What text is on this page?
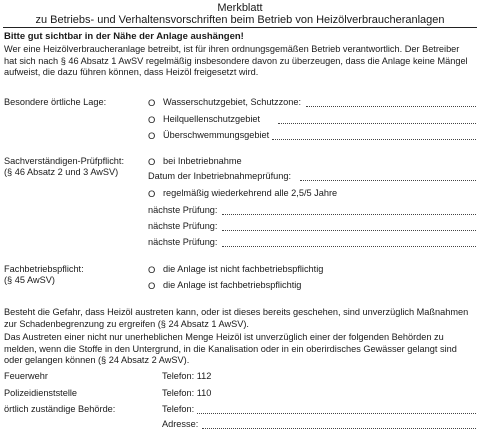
Merkblatt
zu Betriebs- und Verhaltensvorschriften beim Betrieb von Heizölverbraucheranlagen
Bitte gut sichtbar in der Nähe der Anlage aushängen!
Wer eine Heizölverbraucheranlage betreibt, ist für ihren ordnungsgemäßen Betrieb verantwortlich. Der Betreiber hat sich nach § 46 Absatz 1 AwSV regelmäßig insbesondere davon zu überzeugen, dass die Anlage keine Mängel aufweist, die dazu führen können, dass Heizöl freigesetzt wird.
Besondere örtliche Lage:	O Wasserschutzgebiet, Schutzzone:
O Heilquellenschutzgebiet
O Überschwemmungsgebiet
Sachverständigen-Prüfpflicht:
(§ 46 Absatz 2 und 3 AwSV)
O bei Inbetriebnahme
Datum der Inbetriebnahmeprüfung:
O regelmäßig wiederkehrend alle 2,5/5 Jahre
nächste Prüfung:
nächste Prüfung:
nächste Prüfung:
Fachbetriebspflicht:
(§ 45 AwSV)
O die Anlage ist nicht fachbetriebspflichtig
O die Anlage ist fachbetriebspflichtig
Besteht die Gefahr, dass Heizöl austreten kann, oder ist dieses bereits geschehen, sind unverzüglich Maßnahmen zur Schadenbegrenzung zu ergreifen (§ 24 Absatz 1 AwSV).
Das Austreten einer nicht nur unerheblichen Menge Heizöl ist unverzüglich einer der folgenden Behörden zu melden, wenn die Stoffe in den Untergrund, in die Kanalisation oder in ein oberirdisches Gewässer gelangt sind oder gelangen können (§ 24 Absatz 2 AwSV).
Feuerwehr	Telefon: 112
Polizeidienststelle	Telefon: 110
örtlich zuständige Behörde:	Telefon:
Adresse:
